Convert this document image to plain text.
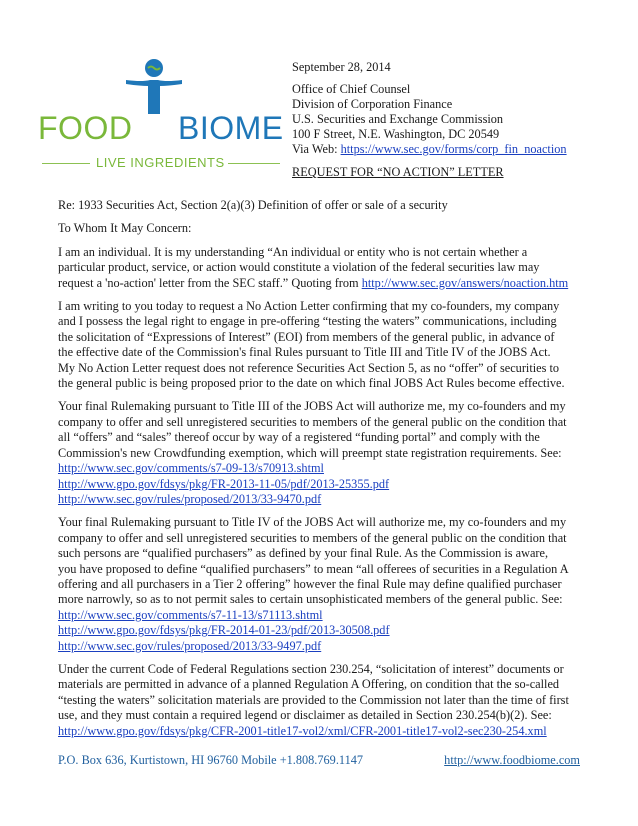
FOOD BIOME
LIVE INGREDIENTS
September 28, 2014
Office of Chief Counsel
Division of Corporation Finance
U.S. Securities and Exchange Commission
100 F Street, N.E. Washington, DC 20549
Via Web: https://www.sec.gov/forms/corp_fin_noaction
REQUEST FOR “NO ACTION” LETTER

Re: 1933 Securities Act, Section 2(a)(3) Definition of offer or sale of a security

To Whom It May Concern:

I am an individual. It is my understanding “An individual or entity who is not certain whether a
particular product, service, or action would constitute a violation of the federal securities law may
request a 'no-action' letter from the SEC staff.” Quoting from http://www.sec.gov/answers/noaction.htm

I am writing to you today to request a No Action Letter confirming that my co-founders, my company
and I possess the legal right to engage in pre-offering “testing the waters” communications, including
the solicitation of “Expressions of Interest” (EOI) from members of the general public, in advance of
the effective date of the Commission's final Rules pursuant to Title III and Title IV of the JOBS Act.
My No Action Letter request does not reference Securities Act Section 5, as no “offer” of securities to
the general public is being proposed prior to the date on which final JOBS Act Rules become effective.

Your final Rulemaking pursuant to Title III of the JOBS Act will authorize me, my co-founders and my
company to offer and sell unregistered securities to members of the general public on the condition that
all “offers” and “sales” thereof occur by way of a registered “funding portal” and comply with the
Commission's new Crowdfunding exemption, which will preempt state registration requirements. See:
http://www.sec.gov/comments/s7-09-13/s70913.shtml
http://www.gpo.gov/fdsys/pkg/FR-2013-11-05/pdf/2013-25355.pdf
http://www.sec.gov/rules/proposed/2013/33-9470.pdf

Your final Rulemaking pursuant to Title IV of the JOBS Act will authorize me, my co-founders and my
company to offer and sell unregistered securities to members of the general public on the condition that
such persons are “qualified purchasers” as defined by your final Rule. As the Commission is aware,
you have proposed to define “qualified purchasers” to mean “all offerees of securities in a Regulation A
offering and all purchasers in a Tier 2 offering” however the final Rule may define qualified purchaser
more narrowly, so as to not permit sales to certain unsophisticated members of the general public. See:
http://www.sec.gov/comments/s7-11-13/s71113.shtml
http://www.gpo.gov/fdsys/pkg/FR-2014-01-23/pdf/2013-30508.pdf
http://www.sec.gov/rules/proposed/2013/33-9497.pdf

Under the current Code of Federal Regulations section 230.254, “solicitation of interest” documents or
materials are permitted in advance of a planned Regulation A Offering, on condition that the so-called
“testing the waters” solicitation materials are provided to the Commission not later than the time of first
use, and they must contain a required legend or disclaimer as detailed in Section 230.254(b)(2). See:
http://www.gpo.gov/fdsys/pkg/CFR-2001-title17-vol2/xml/CFR-2001-title17-vol2-sec230-254.xml

P.O. Box 636, Kurtistown, HI 96760 Mobile +1.808.769.1147	http://www.foodbiome.com
